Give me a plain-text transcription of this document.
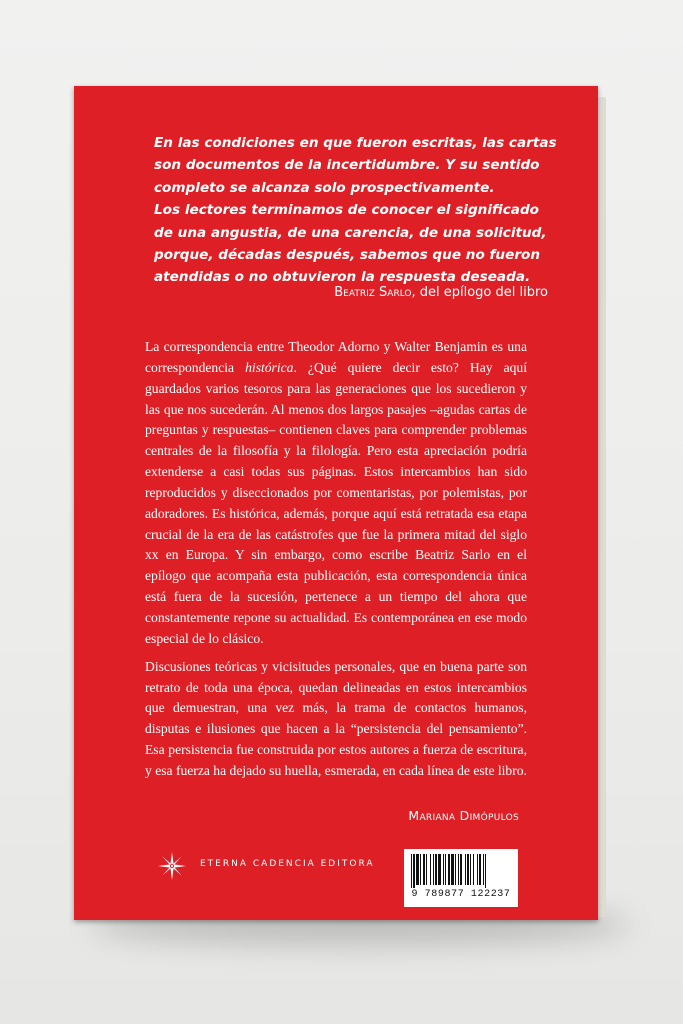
En las condiciones en que fueron escritas, las cartas
son documentos de la incertidumbre. Y su sentido
completo se alcanza solo prospectivamente.
Los lectores terminamos de conocer el significado
de una angustia, de una carencia, de una solicitud,
porque, décadas después, sabemos que no fueron
atendidas o no obtuvieron la respuesta deseada.

Beatriz Sarlo, del epílogo del libro

La correspondencia entre Theodor Adorno y Walter Benjamin es una correspondencia histórica. ¿Qué quiere decir esto? Hay aquí guardados varios tesoros para las generaciones que los sucedieron y las que nos sucederán. Al menos dos largos pasajes –agudas cartas de preguntas y respuestas– contienen claves para comprender problemas centrales de la filosofía y la filología. Pero esta apreciación podría extenderse a casi todas sus páginas. Estos intercambios han sido reproducidos y diseccionados por comentaristas, por polemistas, por adoradores. Es histórica, además, porque aquí está retratada esa etapa crucial de la era de las catástrofes que fue la primera mitad del siglo xx en Europa. Y sin embargo, como escribe Beatriz Sarlo en el epílogo que acompaña esta publicación, esta correspondencia única está fuera de la sucesión, pertenece a un tiempo del ahora que constantemente repone su actualidad. Es contemporánea en ese modo especial de lo clásico.

Discusiones teóricas y vicisitudes personales, que en buena parte son retrato de toda una época, quedan delineadas en estos intercambios que demuestran, una vez más, la trama de contactos humanos, disputas e ilusiones que hacen a la “persistencia del pensamiento”. Esa persistencia fue construida por estos autores a fuerza de escritura, y esa fuerza ha dejado su huella, esmerada, en cada línea de este libro.

Mariana Dimópulos
ETERNA CADENCIA EDITORA
9 789877 122237
